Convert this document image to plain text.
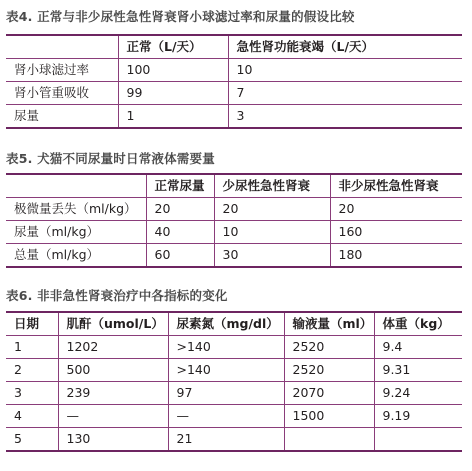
表4. 正常与非少尿性急性肾衰肾小球滤过率和尿量的假设比较
	正常（L/天）	急性肾功能衰竭（L/天）
肾小球滤过率	100	10
肾小管重吸收	99	7
尿量	1	3
表5. 犬猫不同尿量时日常液体需要量
	正常尿量	少尿性急性肾衰	非少尿性急性肾衰
极微量丢失（ml/kg）	20	20	20
尿量（ml/kg）	40	10	160
总量（ml/kg）	60	30	180
表6. 非非急性肾衰治疗中各指标的变化
日期	肌酐（umol/L）	尿素氮（mg/dl）	输液量（ml）	体重（kg）
1	1202	>140	2520	9.4
2	500	>140	2520	9.31
3	239	97	2070	9.24
4	—	—	1500	9.19
5	130	21		
